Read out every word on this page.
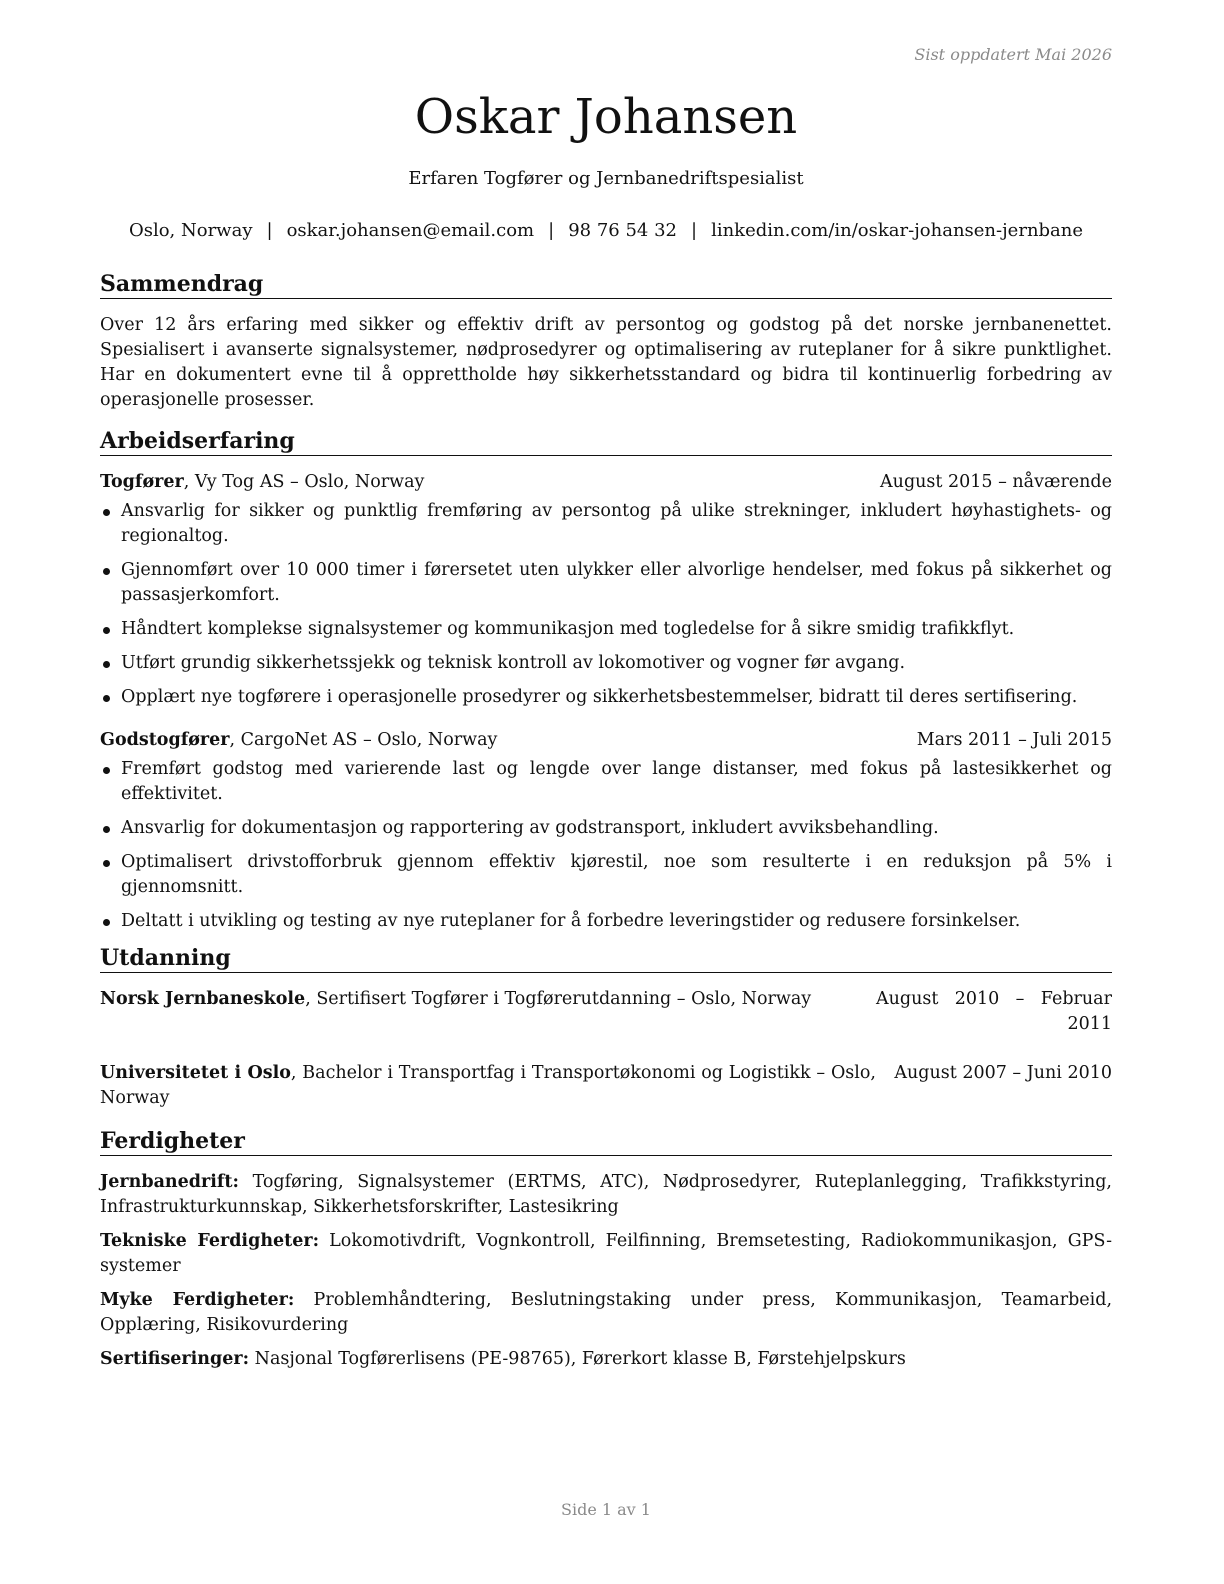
Sist oppdatert Mai 2026
Oskar Johansen
Erfaren Togfører og Jernbanedriftspesialist
Oslo, Norway | oskar.johansen@email.com | 98 76 54 32 | linkedin.com/in/oskar-johansen-jernbane
Sammendrag

Over 12 års erfaring med sikker og effektiv drift av persontog og godstog på det norske jernbanenettet. Spesialisert i avanserte signalsystemer, nødprosedyrer og optimalisering av ruteplaner for å sikre punktlighet. Har en dokumentert evne til å opprettholde høy sikkerhetsstandard og bidra til kontinuerlig forbedring av operasjonelle prosesser.

Arbeidserfaring
Togfører, Vy Tog AS – Oslo, Norway	August 2015 – nåværende
Ansvarlig for sikker og punktlig fremføring av persontog på ulike strekninger, inkludert høyhastighets- og regionaltog.
Gjennomført over 10 000 timer i førersetet uten ulykker eller alvorlige hendelser, med fokus på sikkerhet og passasjerkomfort.
Håndtert komplekse signalsystemer og kommunikasjon med togledelse for å sikre smidig trafikkflyt.
Utført grundig sikkerhetssjekk og teknisk kontroll av lokomotiver og vogner før avgang.
Opplært nye togførere i operasjonelle prosedyrer og sikkerhetsbestemmelser, bidratt til deres sertifisering.
Godstogfører, CargoNet AS – Oslo, Norway	Mars 2011 – Juli 2015
Fremført godstog med varierende last og lengde over lange distanser, med fokus på lastesikkerhet og effektivitet.
Ansvarlig for dokumentasjon og rapportering av godstransport, inkludert avviksbehandling.
Optimalisert drivstofforbruk gjennom effektiv kjørestil, noe som resulterte i en reduksjon på 5% i gjennomsnitt.
Deltatt i utvikling og testing av nye ruteplaner for å forbedre leveringstider og redusere forsinkelser.
Utdanning
Norsk Jernbaneskole, Sertifisert Togfører i Togførerutdanning – Oslo, Norway	August 2010 – Februar 2011
Universitetet i Oslo, Bachelor i Transportfag i Transportøkonomi og Logistikk – Oslo, Norway
August 2007 – Juni 2010
Ferdigheter
Jernbanedrift: Togføring, Signalsystemer (ERTMS, ATC), Nødprosedyrer, Ruteplanlegging, Trafikkstyring, Infrastrukturkunnskap, Sikkerhetsforskrifter, Lastesikring
Tekniske Ferdigheter: Lokomotivdrift, Vognkontroll, Feilfinning, Bremsetesting, Radiokommunikasjon, GPS-systemer
Myke Ferdigheter: Problemhåndtering, Beslutningstaking under press, Kommunikasjon, Teamarbeid, Opplæring, Risikovurdering
Sertifiseringer: Nasjonal Togførerlisens (PE-98765), Førerkort klasse B, Førstehjelpskurs
Side 1 av 1
